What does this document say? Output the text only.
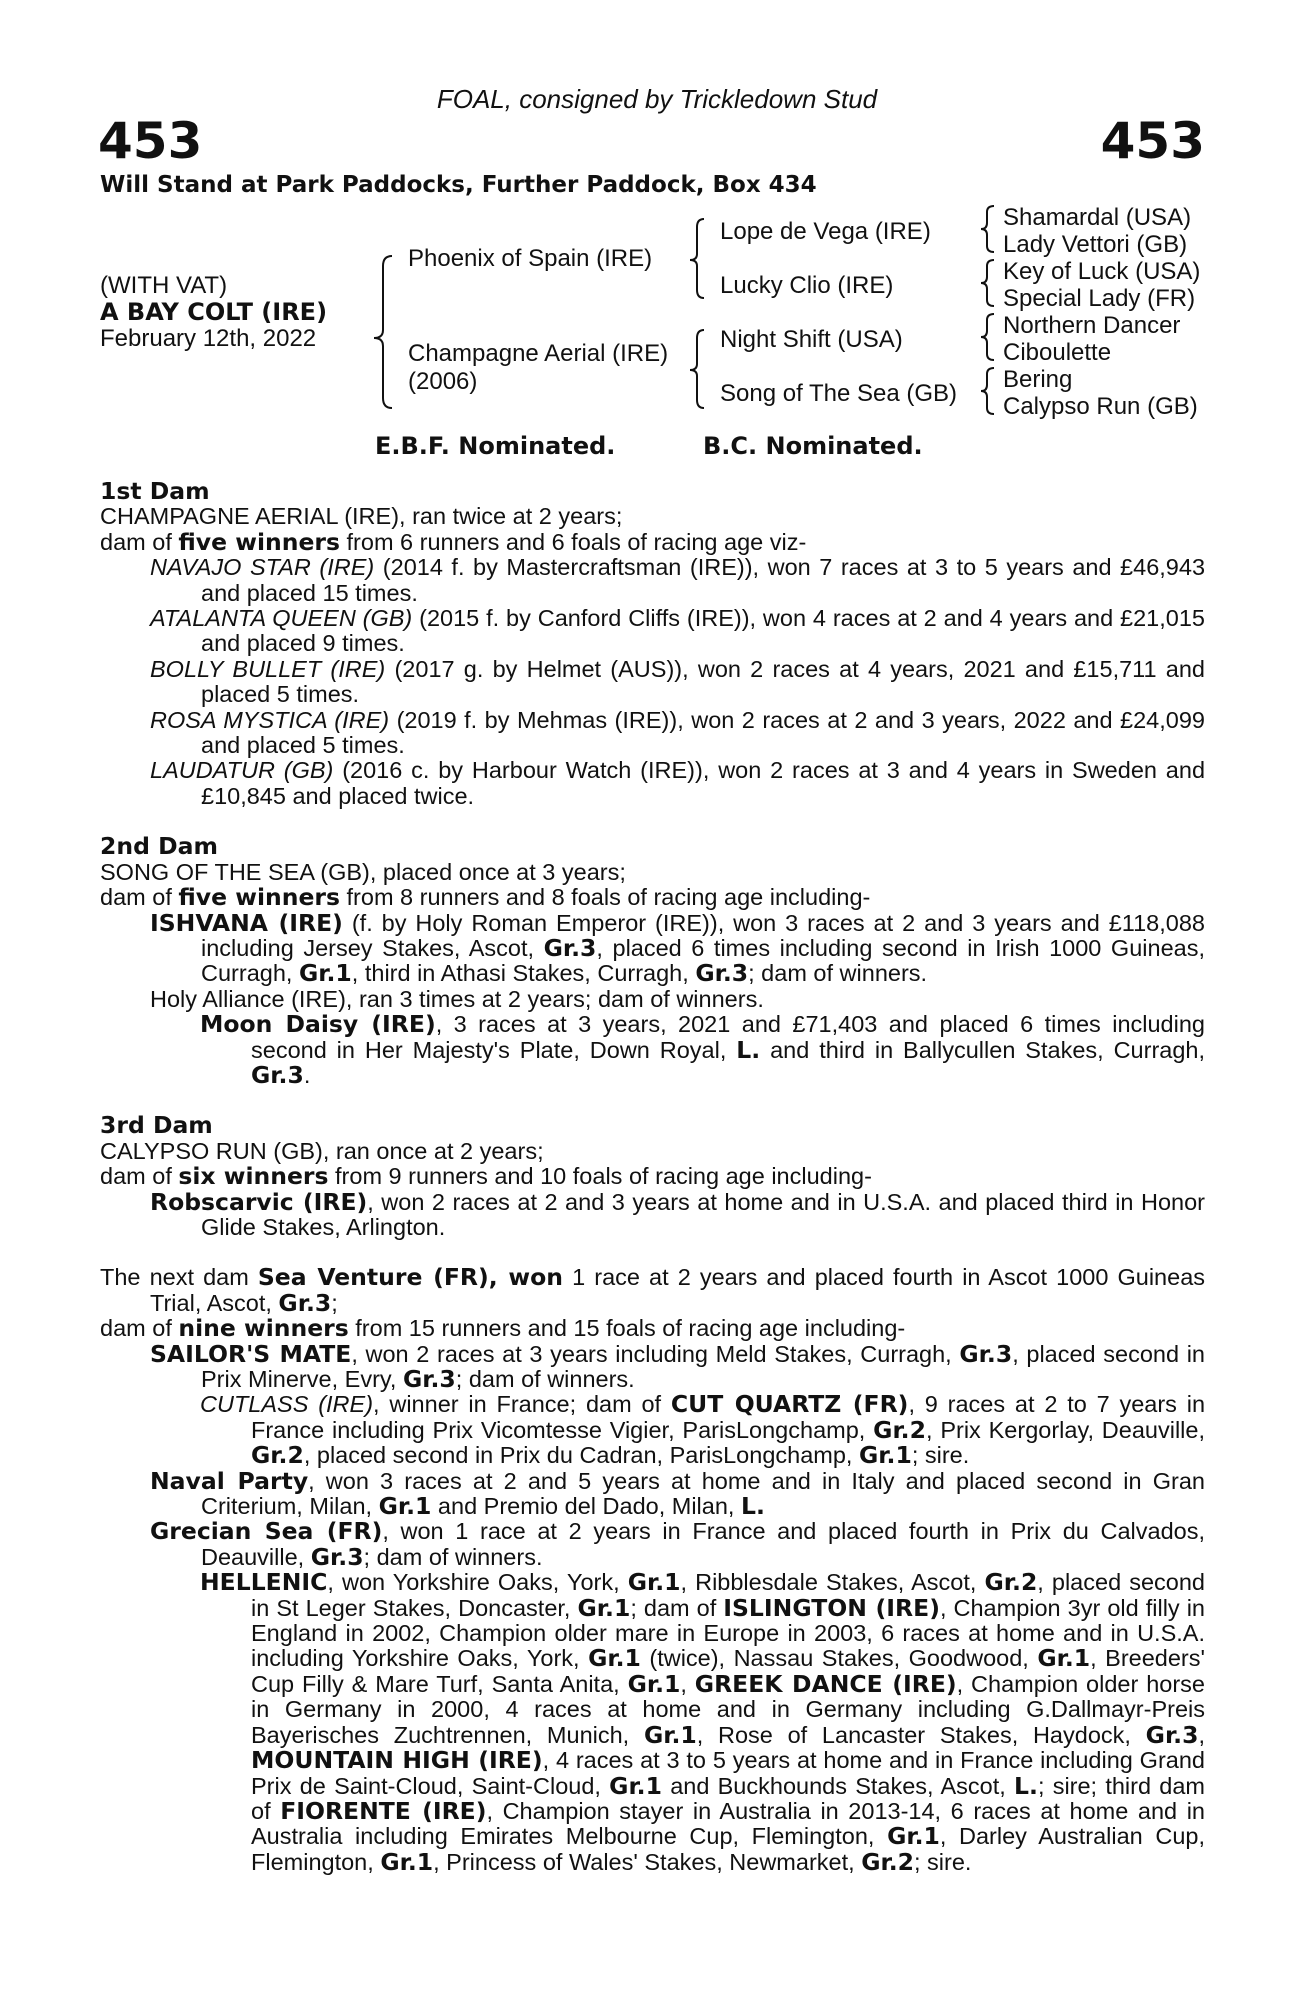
FOAL, consigned by Trickledown Stud
453	453
Will Stand at Park Paddocks, Further Paddock, Box 434
(WITH VAT)
A BAY COLT (IRE)
February 12th, 2022
Phoenix of Spain (IRE)
Champagne Aerial (IRE)
(2006)
Lope de Vega (IRE)
Lucky Clio (IRE)
Night Shift (USA)
Song of The Sea (GB)
Shamardal (USA)
Lady Vettori (GB)
Key of Luck (USA)
Special Lady (FR)
Northern Dancer
Ciboulette
Bering
Calypso Run (GB)
E.B.F. Nominated.	B.C. Nominated.

1st Dam

CHAMPAGNE AERIAL (IRE), ran twice at 2 years;

dam of five winners from 6 runners and 6 foals of racing age viz-

NAVAJO STAR (IRE) (2014 f. by Mastercraftsman (IRE)), won 7 races at 3 to 5 years and £46,943 and placed 15 times.

ATALANTA QUEEN (GB) (2015 f. by Canford Cliffs (IRE)), won 4 races at 2 and 4 years and £21,015 and placed 9 times.

BOLLY BULLET (IRE) (2017 g. by Helmet (AUS)), won 2 races at 4 years, 2021 and £15,711 and placed 5 times.

ROSA MYSTICA (IRE) (2019 f. by Mehmas (IRE)), won 2 races at 2 and 3 years, 2022 and £24,099 and placed 5 times.

LAUDATUR (GB) (2016 c. by Harbour Watch (IRE)), won 2 races at 3 and 4 years in Sweden and £10,845 and placed twice.

2nd Dam

SONG OF THE SEA (GB), placed once at 3 years;

dam of five winners from 8 runners and 8 foals of racing age including-

ISHVANA (IRE) (f. by Holy Roman Emperor (IRE)), won 3 races at 2 and 3 years and £118,088 including Jersey Stakes, Ascot, Gr.3, placed 6 times including second in Irish 1000 Guineas, Curragh, Gr.1, third in Athasi Stakes, Curragh, Gr.3; dam of winners.

Holy Alliance (IRE), ran 3 times at 2 years; dam of winners.

Moon Daisy (IRE), 3 races at 3 years, 2021 and £71,403 and placed 6 times including second in Her Majesty's Plate, Down Royal, L. and third in Ballycullen Stakes, Curragh, Gr.3.

3rd Dam

CALYPSO RUN (GB), ran once at 2 years;

dam of six winners from 9 runners and 10 foals of racing age including-

Robscarvic (IRE), won 2 races at 2 and 3 years at home and in U.S.A. and placed third in Honor Glide Stakes, Arlington.

The next dam Sea Venture (FR), won 1 race at 2 years and placed fourth in Ascot 1000 Guineas Trial, Ascot, Gr.3;

dam of nine winners from 15 runners and 15 foals of racing age including-

SAILOR'S MATE, won 2 races at 3 years including Meld Stakes, Curragh, Gr.3, placed second in Prix Minerve, Evry, Gr.3; dam of winners.

CUTLASS (IRE), winner in France; dam of CUT QUARTZ (FR), 9 races at 2 to 7 years in France including Prix Vicomtesse Vigier, ParisLongchamp, Gr.2, Prix Kergorlay, Deauville, Gr.2, placed second in Prix du Cadran, ParisLongchamp, Gr.1; sire.

Naval Party, won 3 races at 2 and 5 years at home and in Italy and placed second in Gran Criterium, Milan, Gr.1 and Premio del Dado, Milan, L.

Grecian Sea (FR), won 1 race at 2 years in France and placed fourth in Prix du Calvados, Deauville, Gr.3; dam of winners.

HELLENIC, won Yorkshire Oaks, York, Gr.1, Ribblesdale Stakes, Ascot, Gr.2, placed second in St Leger Stakes, Doncaster, Gr.1; dam of ISLINGTON (IRE), Champion 3yr old filly in England in 2002, Champion older mare in Europe in 2003, 6 races at home and in U.S.A. including Yorkshire Oaks, York, Gr.1 (twice), Nassau Stakes, Goodwood, Gr.1, Breeders' Cup Filly & Mare Turf, Santa Anita, Gr.1, GREEK DANCE (IRE), Champion older horse in Germany in 2000, 4 races at home and in Germany including G.Dallmayr-Preis Bayerisches Zuchtrennen, Munich, Gr.1, Rose of Lancaster Stakes, Haydock, Gr.3, MOUNTAIN HIGH (IRE), 4 races at 3 to 5 years at home and in France including Grand Prix de Saint-Cloud, Saint-Cloud, Gr.1 and Buckhounds Stakes, Ascot, L.; sire; third dam of FIORENTE (IRE), Champion stayer in Australia in 2013-14, 6 races at home and in Australia including Emirates Melbourne Cup, Flemington, Gr.1, Darley Australian Cup, Flemington, Gr.1, Princess of Wales' Stakes, Newmarket, Gr.2; sire.
